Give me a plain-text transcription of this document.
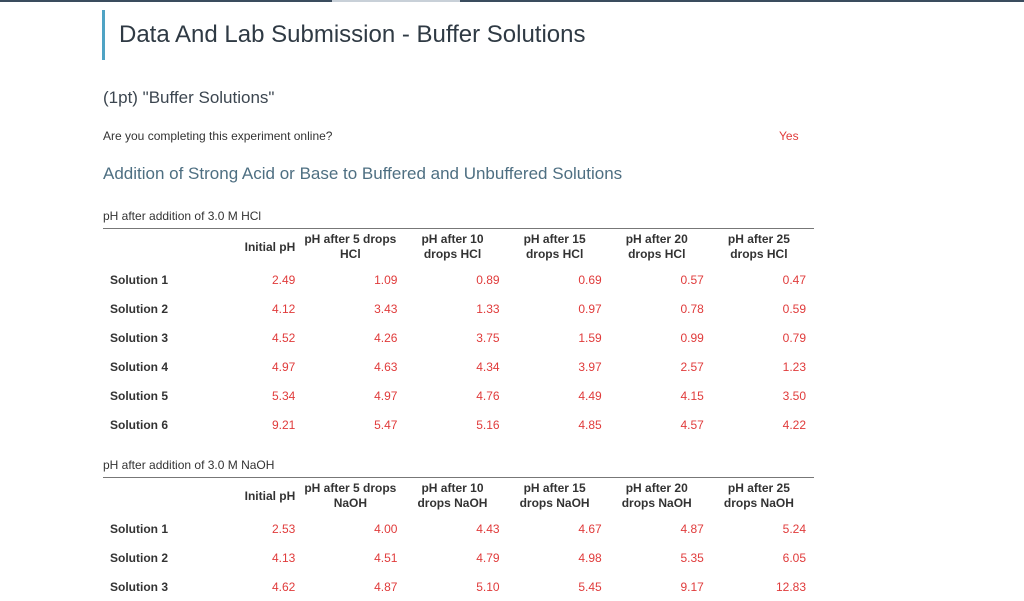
Data And Lab Submission - Buffer Solutions
(1pt) "Buffer Solutions"
Are you completing this experiment online?	Yes
Addition of Strong Acid or Base to Buffered and Unbuffered Solutions
pH after addition of 3.0 M HCl
	Initial pH	pH after 5 drops HCl	pH after 10 drops HCl	pH after 15 drops HCl	pH after 20 drops HCl	pH after 25 drops HCl
Solution 1	2.49	1.09	0.89	0.69	0.57	0.47
Solution 2	4.12	3.43	1.33	0.97	0.78	0.59
Solution 3	4.52	4.26	3.75	1.59	0.99	0.79
Solution 4	4.97	4.63	4.34	3.97	2.57	1.23
Solution 5	5.34	4.97	4.76	4.49	4.15	3.50
Solution 6	9.21	5.47	5.16	4.85	4.57	4.22
pH after addition of 3.0 M NaOH
	Initial pH	pH after 5 drops NaOH	pH after 10 drops NaOH	pH after 15 drops NaOH	pH after 20 drops NaOH	pH after 25 drops NaOH
Solution 1	2.53	4.00	4.43	4.67	4.87	5.24
Solution 2	4.13	4.51	4.79	4.98	5.35	6.05
Solution 3	4.62	4.87	5.10	5.45	9.17	12.83
